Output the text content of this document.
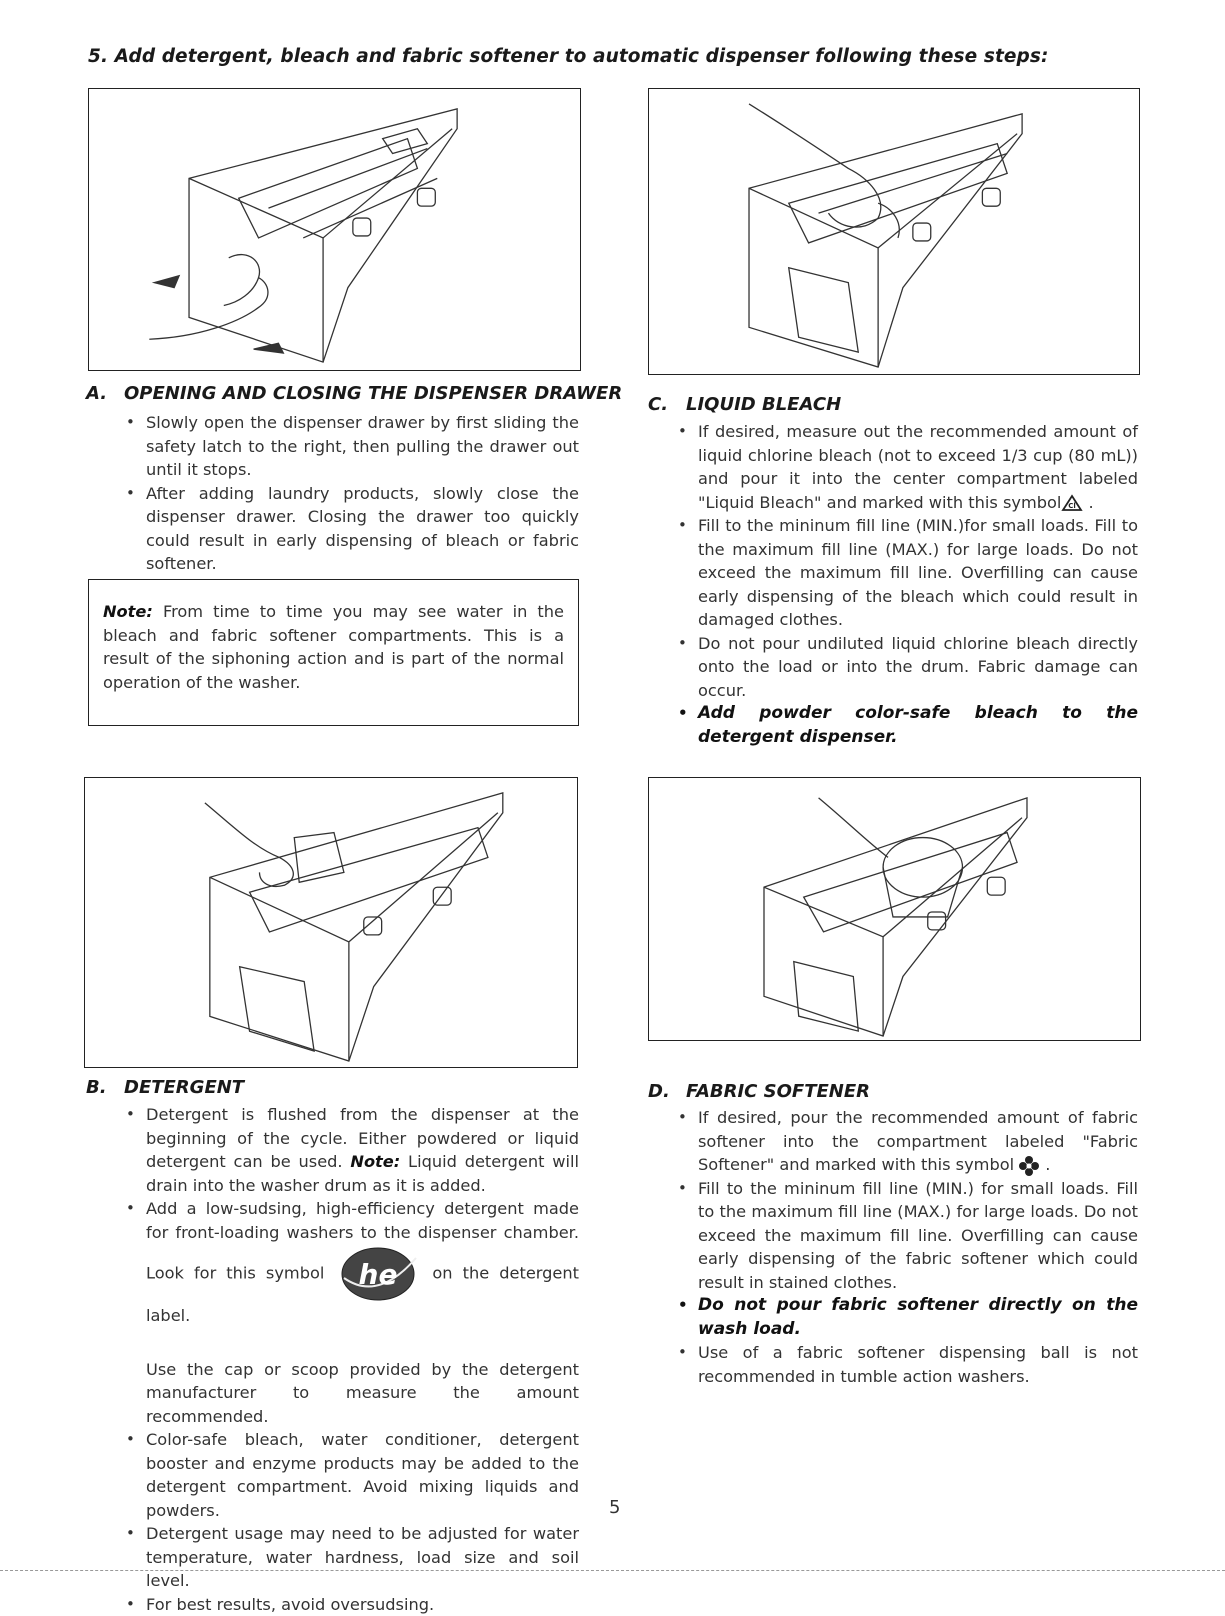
5. Add detergent, bleach and fabric softener to automatic dispenser following these steps:
A. OPENING AND CLOSING THE DISPENSER DRAWER
• Slowly open the dispenser drawer by first sliding the safety latch to the right, then pulling the drawer out until it stops.
• After adding laundry products, slowly close the dispenser drawer. Closing the drawer too quickly could result in early dispensing of bleach or fabric softener.
Note: From time to time you may see water in the bleach and fabric softener compartments. This is a result of the siphoning action and is part of the normal operation of the washer.
C. LIQUID BLEACH
• If desired, measure out the recommended amount of liquid chlorine bleach (not to exceed 1/3 cup (80 mL)) and pour it into the center compartment labeled "Liquid Bleach" and marked with this symbol Cl .
• Fill to the mininum fill line (MIN.)for small loads. Fill to the maximum fill line (MAX.) for large loads. Do not exceed the maximum fill line. Overfilling can cause early dispensing of the bleach which could result in damaged clothes.
• Do not pour undiluted liquid chlorine bleach directly onto the load or into the drum. Fabric damage can occur.
• Add powder color-safe bleach to the detergent dispenser.
B. DETERGENT
• Detergent is flushed from the dispenser at the beginning of the cycle. Either powdered or liquid detergent can be used. Note: Liquid detergent will drain into the washer drum as it is added.
• Add a low-sudsing, high-efficiency detergent made for front-loading washers to the dispenser chamber. Look for this symbol he on the detergent label.
Use the cap or scoop provided by the detergent manufacturer to measure the amount recommended.
• Color-safe bleach, water conditioner, detergent booster and enzyme products may be added to the detergent compartment. Avoid mixing liquids and powders.
• Detergent usage may need to be adjusted for water temperature, water hardness, load size and soil level.
• For best results, avoid oversudsing.
D. FABRIC SOFTENER
• If desired, pour the recommended amount of fabric softener into the compartment labeled "Fabric Softener" and marked with this symbol .
• Fill to the mininum fill line (MIN.) for small loads. Fill to the maximum fill line (MAX.) for large loads. Do not exceed the maximum fill line. Overfilling can cause early dispensing of the fabric softener which could result in stained clothes.
• Do not pour fabric softener directly on the wash load.
• Use of a fabric softener dispensing ball is not recommended in tumble action washers.
5
